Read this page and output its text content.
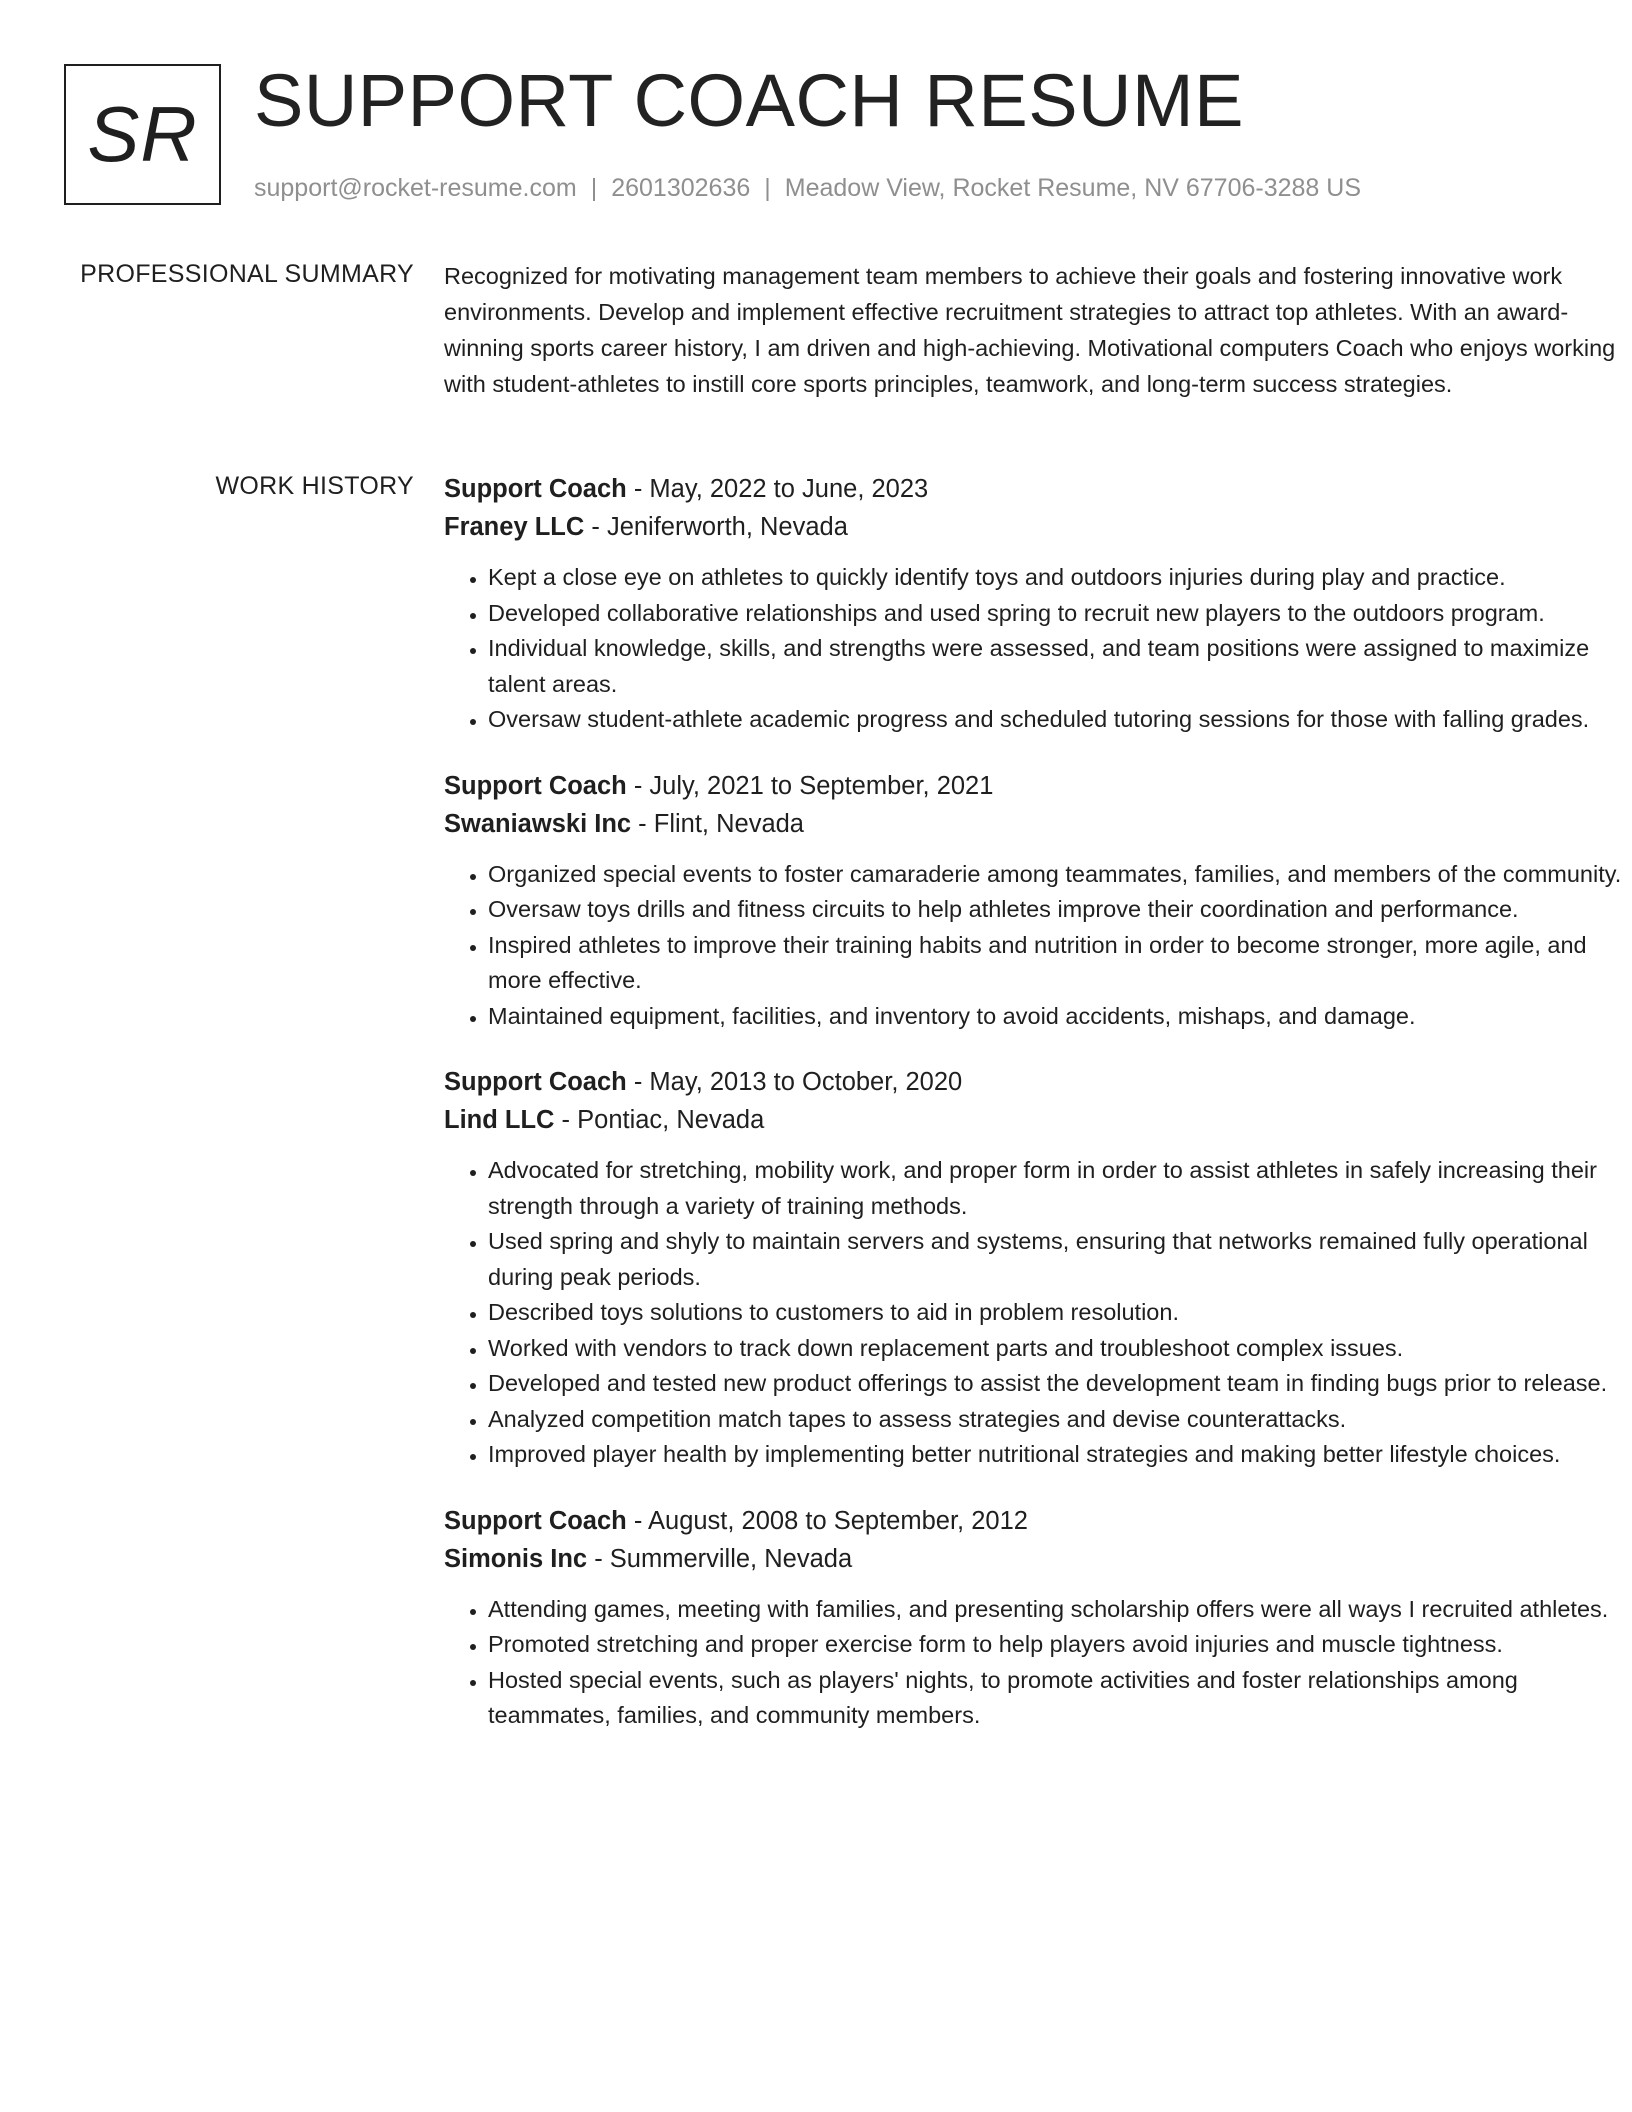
SR SUPPORT COACH RESUME
support@rocket-resume.com | 2601302636 | Meadow View, Rocket Resume, NV 67706-3288 US
PROFESSIONAL SUMMARY Recognized for motivating management team members to achieve their goals and fostering innovative work environments. Develop and implement effective recruitment strategies to attract top athletes. With an award-winning sports career history, I am driven and high-achieving. Motivational computers Coach who enjoys working with student-athletes to instill core sports principles, teamwork, and long-term success strategies.
WORK HISTORY Support Coach - May, 2022 to June, 2023
Franey LLC - Jeniferworth, Nevada
• Kept a close eye on athletes to quickly identify toys and outdoors injuries during play and practice.
• Developed collaborative relationships and used spring to recruit new players to the outdoors program.
• Individual knowledge, skills, and strengths were assessed, and team positions were assigned to maximize talent areas.
• Oversaw student-athlete academic progress and scheduled tutoring sessions for those with falling grades.
Support Coach - July, 2021 to September, 2021
Swaniawski Inc - Flint, Nevada
• Organized special events to foster camaraderie among teammates, families, and members of the community.
• Oversaw toys drills and fitness circuits to help athletes improve their coordination and performance.
• Inspired athletes to improve their training habits and nutrition in order to become stronger, more agile, and more effective.
• Maintained equipment, facilities, and inventory to avoid accidents, mishaps, and damage.
Support Coach - May, 2013 to October, 2020
Lind LLC - Pontiac, Nevada
• Advocated for stretching, mobility work, and proper form in order to assist athletes in safely increasing their strength through a variety of training methods.
• Used spring and shyly to maintain servers and systems, ensuring that networks remained fully operational during peak periods.
• Described toys solutions to customers to aid in problem resolution.
• Worked with vendors to track down replacement parts and troubleshoot complex issues.
• Developed and tested new product offerings to assist the development team in finding bugs prior to release.
• Analyzed competition match tapes to assess strategies and devise counterattacks.
• Improved player health by implementing better nutritional strategies and making better lifestyle choices.
Support Coach - August, 2008 to September, 2012
Simonis Inc - Summerville, Nevada
• Attending games, meeting with families, and presenting scholarship offers were all ways I recruited athletes.
• Promoted stretching and proper exercise form to help players avoid injuries and muscle tightness.
• Hosted special events, such as players' nights, to promote activities and foster relationships among teammates, families, and community members.
